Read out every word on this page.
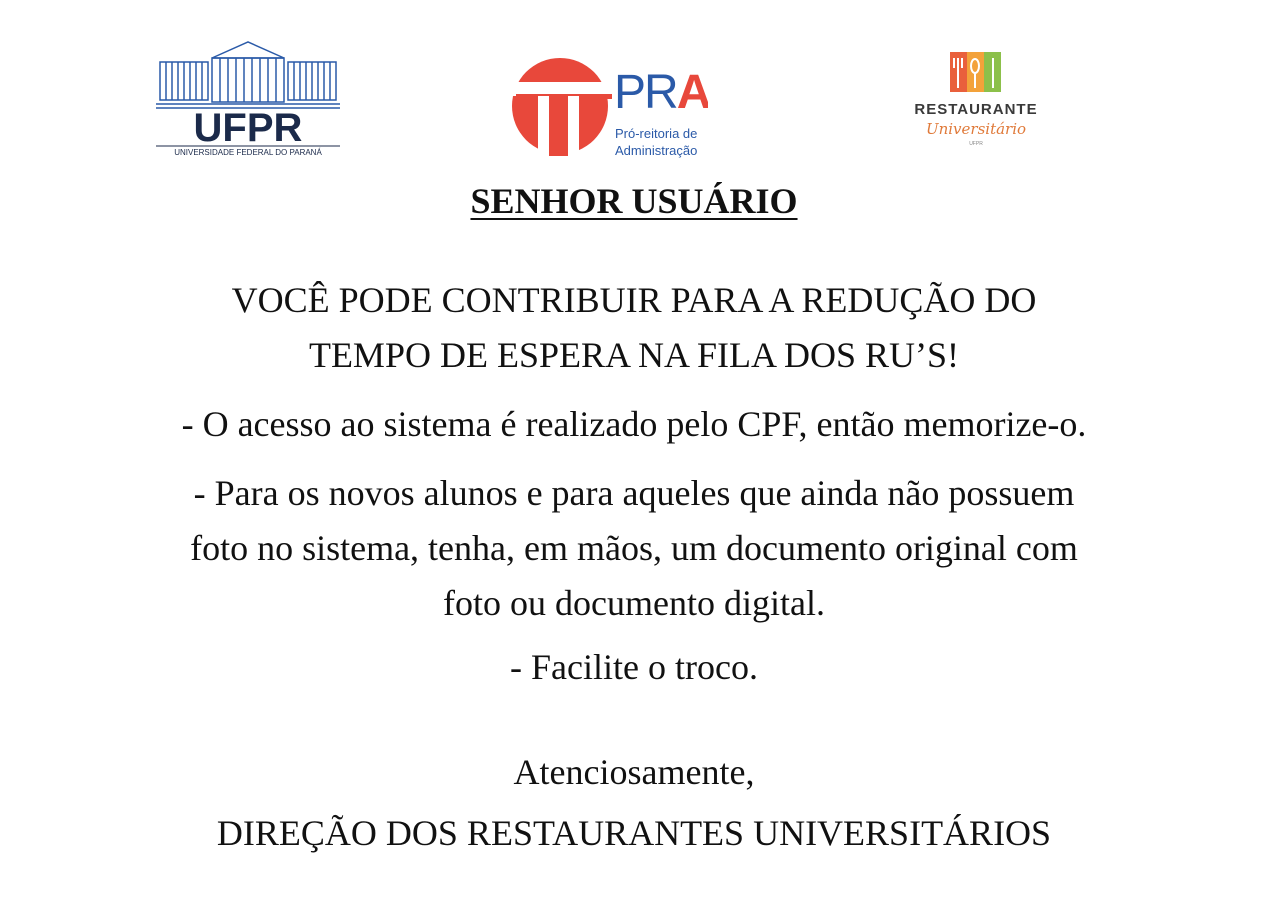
UFPR
UNIVERSIDADE FEDERAL DO PARANÁ
PRA
Pró-reitoria de
Administração
RESTAURANTE
Universitário
UFPR
SENHOR USUÁRIO
VOCÊ PODE CONTRIBUIR PARA A REDUÇÃO DO
TEMPO DE ESPERA NA FILA DOS RU’S!
- O acesso ao sistema é realizado pelo CPF, então memorize-o.
- Para os novos alunos e para aqueles que ainda não possuem
foto no sistema, tenha, em mãos, um documento original com
foto ou documento digital.
- Facilite o troco.
Atenciosamente,
DIREÇÃO DOS RESTAURANTES UNIVERSITÁRIOS
